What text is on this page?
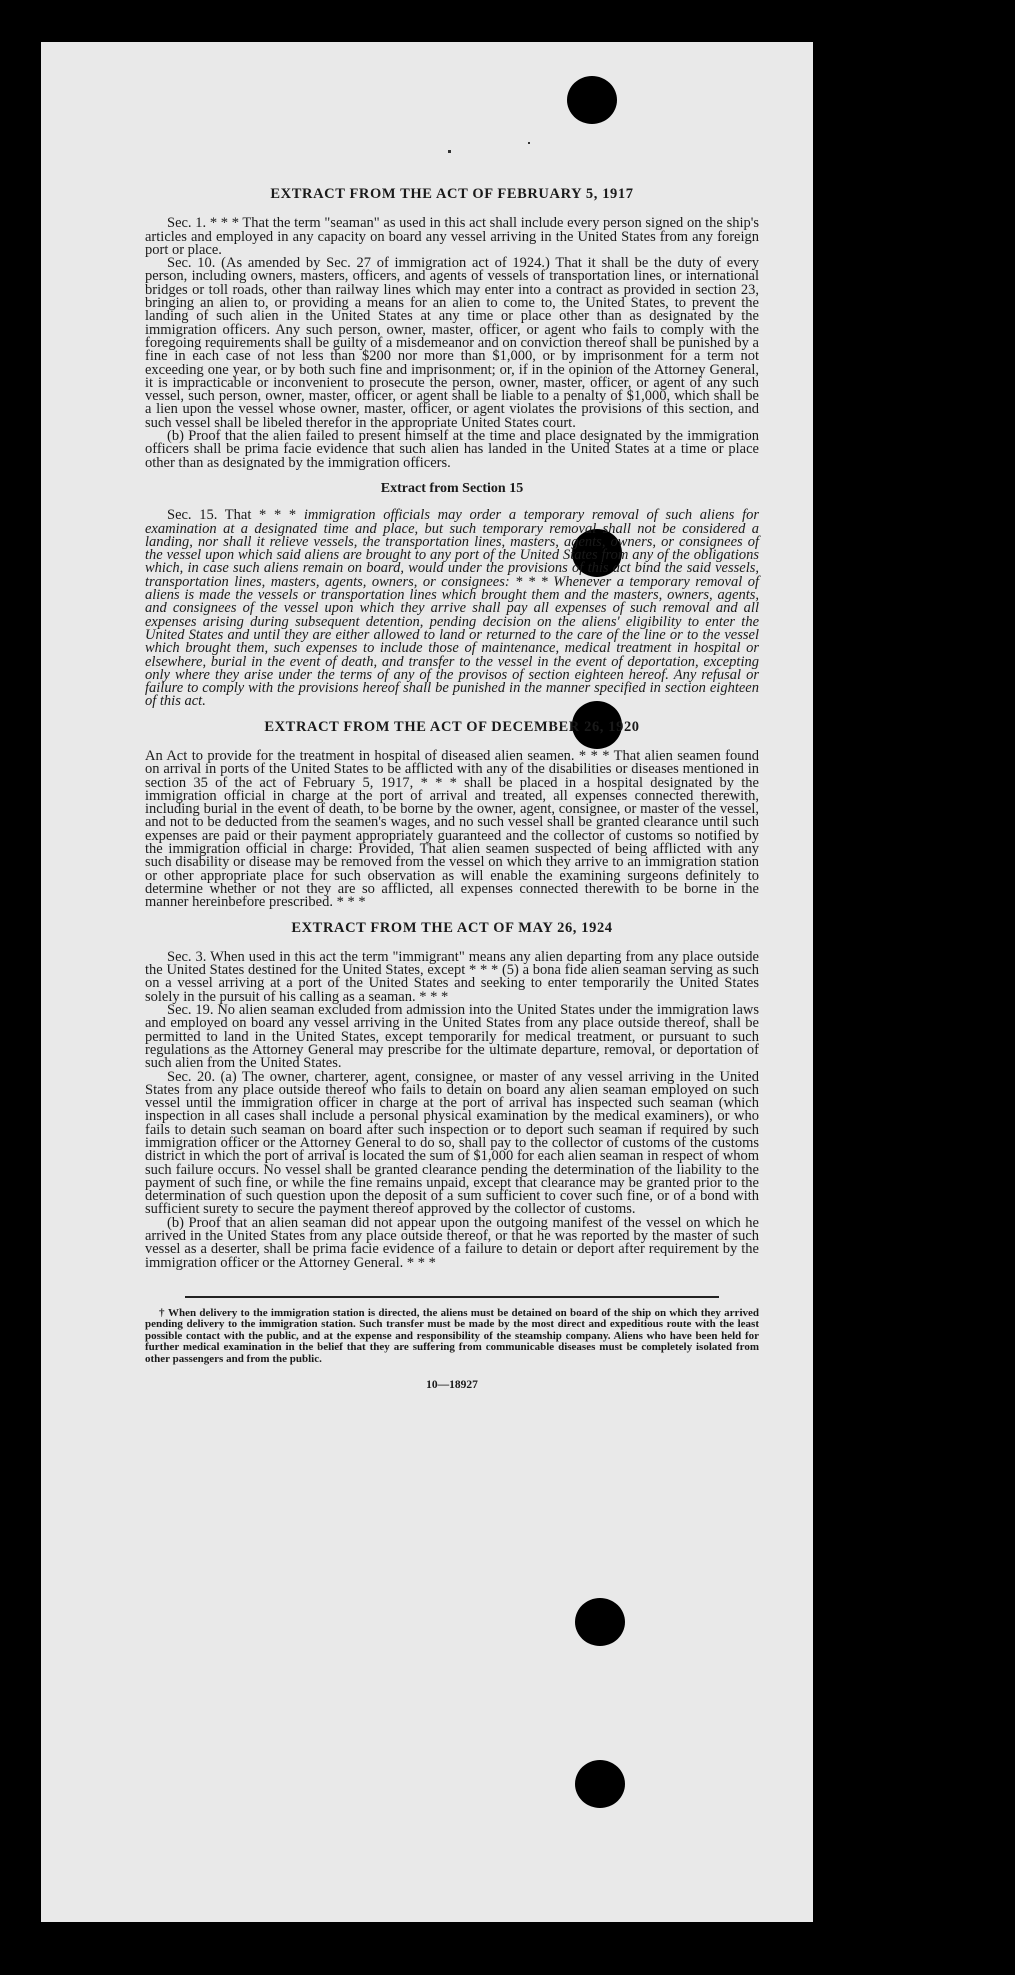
EXTRACT FROM THE ACT OF FEBRUARY 5, 1917

Sec. 1. * * * That the term "seaman" as used in this act shall include every person signed on the ship's articles and employed in any capacity on board any vessel arriving in the United States from any foreign port or place.

Sec. 10. (As amended by Sec. 27 of immigration act of 1924.) That it shall be the duty of every person, including owners, masters, officers, and agents of vessels of transportation lines, or international bridges or toll roads, other than railway lines which may enter into a contract as provided in section 23, bringing an alien to, or providing a means for an alien to come to, the United States, to prevent the landing of such alien in the United States at any time or place other than as designated by the immigration officers. Any such person, owner, master, officer, or agent who fails to comply with the foregoing requirements shall be guilty of a misdemeanor and on conviction thereof shall be punished by a fine in each case of not less than $200 nor more than $1,000, or by imprisonment for a term not exceeding one year, or by both such fine and imprisonment; or, if in the opinion of the Attorney General, it is impracticable or inconvenient to prosecute the person, owner, master, officer, or agent of any such vessel, such person, owner, master, officer, or agent shall be liable to a penalty of $1,000, which shall be a lien upon the vessel whose owner, master, officer, or agent violates the provisions of this section, and such vessel shall be libeled therefor in the appropriate United States court.

(b) Proof that the alien failed to present himself at the time and place designated by the immigration officers shall be prima facie evidence that such alien has landed in the United States at a time or place other than as designated by the immigration officers.

Extract from Section 15

Sec. 15. That * * * immigration officials may order a temporary removal of such aliens for examination at a designated time and place, but such temporary removal shall not be considered a landing, nor shall it relieve vessels, the transportation lines, masters, agents, owners, or consignees of the vessel upon which said aliens are brought to any port of the United States from any of the obligations which, in case such aliens remain on board, would under the provisions of this act bind the said vessels, transportation lines, masters, agents, owners, or consignees: * * * Whenever a temporary removal of aliens is made the vessels or transportation lines which brought them and the masters, owners, agents, and consignees of the vessel upon which they arrive shall pay all expenses of such removal and all expenses arising during subsequent detention, pending decision on the aliens' eligibility to enter the United States and until they are either allowed to land or returned to the care of the line or to the vessel which brought them, such expenses to include those of maintenance, medical treatment in hospital or elsewhere, burial in the event of death, and transfer to the vessel in the event of deportation, excepting only where they arise under the terms of any of the provisos of section eighteen hereof. Any refusal or failure to comply with the provisions hereof shall be punished in the manner specified in section eighteen of this act.

EXTRACT FROM THE ACT OF DECEMBER 26, 1920

An Act to provide for the treatment in hospital of diseased alien seamen. * * * That alien seamen found on arrival in ports of the United States to be afflicted with any of the disabilities or diseases mentioned in section 35 of the act of February 5, 1917, * * * shall be placed in a hospital designated by the immigration official in charge at the port of arrival and treated, all expenses connected therewith, including burial in the event of death, to be borne by the owner, agent, consignee, or master of the vessel, and not to be deducted from the seamen's wages, and no such vessel shall be granted clearance until such expenses are paid or their payment appropriately guaranteed and the collector of customs so notified by the immigration official in charge: Provided, That alien seamen suspected of being afflicted with any such disability or disease may be removed from the vessel on which they arrive to an immigration station or other appropriate place for such observation as will enable the examining surgeons definitely to determine whether or not they are so afflicted, all expenses connected therewith to be borne in the manner hereinbefore prescribed. * * *

EXTRACT FROM THE ACT OF MAY 26, 1924

Sec. 3. When used in this act the term "immigrant" means any alien departing from any place outside the United States destined for the United States, except * * * (5) a bona fide alien seaman serving as such on a vessel arriving at a port of the United States and seeking to enter temporarily the United States solely in the pursuit of his calling as a seaman. * * *

Sec. 19. No alien seaman excluded from admission into the United States under the immigration laws and employed on board any vessel arriving in the United States from any place outside thereof, shall be permitted to land in the United States, except temporarily for medical treatment, or pursuant to such regulations as the Attorney General may prescribe for the ultimate departure, removal, or deportation of such alien from the United States.

Sec. 20. (a) The owner, charterer, agent, consignee, or master of any vessel arriving in the United States from any place outside thereof who fails to detain on board any alien seaman employed on such vessel until the immigration officer in charge at the port of arrival has inspected such seaman (which inspection in all cases shall include a personal physical examination by the medical examiners), or who fails to detain such seaman on board after such inspection or to deport such seaman if required by such immigration officer or the Attorney General to do so, shall pay to the collector of customs of the customs district in which the port of arrival is located the sum of $1,000 for each alien seaman in respect of whom such failure occurs. No vessel shall be granted clearance pending the determination of the liability to the payment of such fine, or while the fine remains unpaid, except that clearance may be granted prior to the determination of such question upon the deposit of a sum sufficient to cover such fine, or of a bond with sufficient surety to secure the payment thereof approved by the collector of customs.

(b) Proof that an alien seaman did not appear upon the outgoing manifest of the vessel on which he arrived in the United States from any place outside thereof, or that he was reported by the master of such vessel as a deserter, shall be prima facie evidence of a failure to detain or deport after requirement by the immigration officer or the Attorney General. * * *

† When delivery to the immigration station is directed, the aliens must be detained on board of the ship on which they arrived pending delivery to the immigration station. Such transfer must be made by the most direct and expeditious route with the least possible contact with the public, and at the expense and responsibility of the steamship company. Aliens who have been held for further medical examination in the belief that they are suffering from communicable diseases must be completely isolated from other passengers and from the public.

10—18927
